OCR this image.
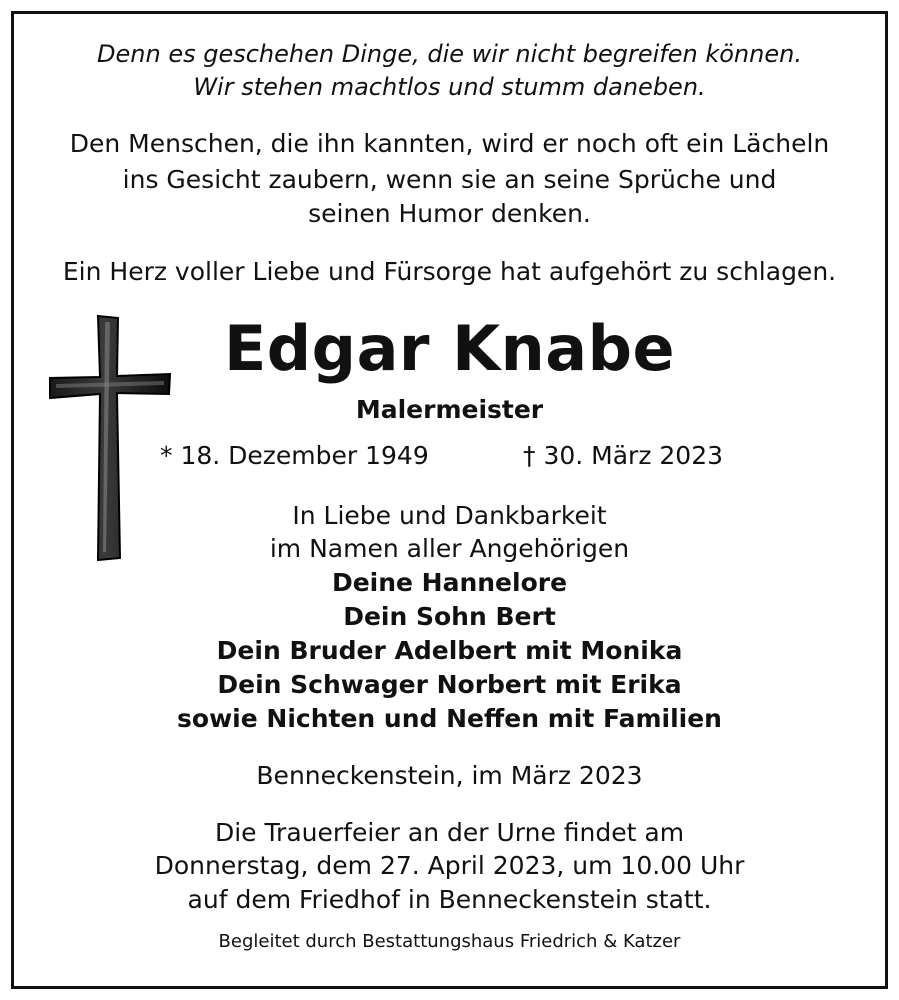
Denn es geschehen Dinge, die wir nicht begreifen können.
Wir stehen machtlos und stumm daneben.
Den Menschen, die ihn kannten, wird er noch oft ein Lächeln
ins Gesicht zaubern, wenn sie an seine Sprüche und
seinen Humor denken.
Ein Herz voller Liebe und Fürsorge hat aufgehört zu schlagen.
Edgar Knabe
Malermeister
* 18. Dezember 1949	† 30. März 2023
In Liebe und Dankbarkeit
im Namen aller Angehörigen
Deine Hannelore
Dein Sohn Bert
Dein Bruder Adelbert mit Monika
Dein Schwager Norbert mit Erika
sowie Nichten und Neffen mit Familien
Benneckenstein, im März 2023
Die Trauerfeier an der Urne findet am
Donnerstag, dem 27. April 2023, um 10.00 Uhr
auf dem Friedhof in Benneckenstein statt.
Begleitet durch Bestattungshaus Friedrich & Katzer
